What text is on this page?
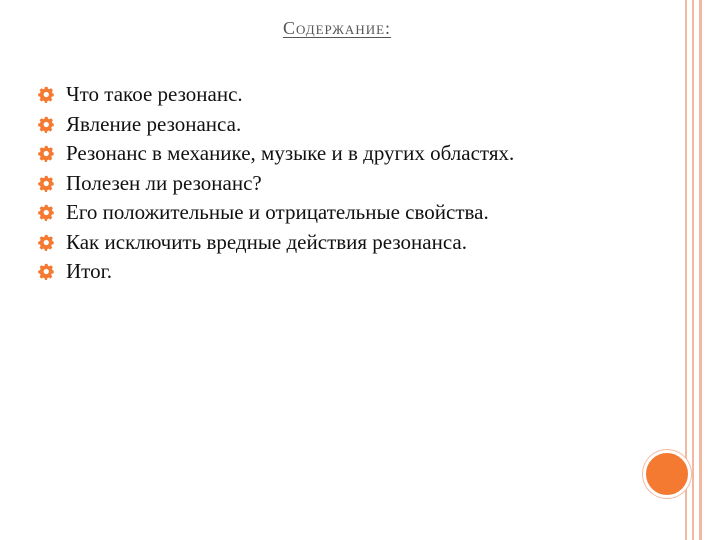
Содержание:
Что такое резонанс.
Явление резонанса.
Резонанс в механике, музыке и в других областях.
Полезен ли резонанс?
Его положительные и отрицательные свойства.
Как исключить вредные действия резонанса.
Итог.
